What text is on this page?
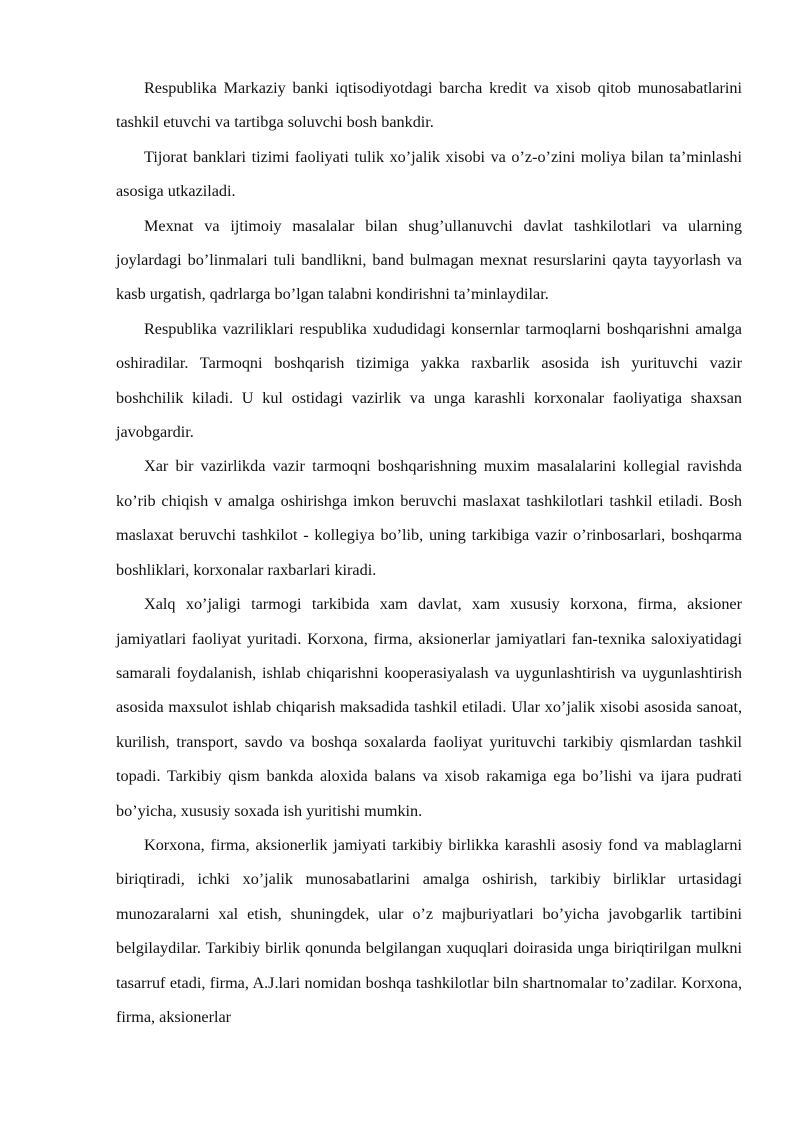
Respublika Markaziy banki iqtisodiyotdagi barcha kredit va xisob qitob munosabatlarini tashkil etuvchi va tartibga soluvchi bosh bankdir.

Tijorat banklari tizimi faoliyati tulik xo’jalik xisobi va o’z-o’zini moliya bilan ta’minlashi asosiga utkaziladi.

Mexnat va ijtimoiy masalalar bilan shug’ullanuvchi davlat tashkilotlari va ularning joylardagi bo’linmalari tuli bandlikni, band bulmagan mexnat resurslarini qayta tayyorlash va kasb urgatish, qadrlarga bo’lgan talabni kondirishni ta’minlaydilar.

Respublika vazriliklari respublika xududidagi konsernlar tarmoqlarni boshqarishni amalga oshiradilar. Tarmoqni boshqarish tizimiga yakka raxbarlik asosida ish yurituvchi vazir boshchilik kiladi. U kul ostidagi vazirlik va unga karashli korxonalar faoliyatiga shaxsan javobgardir.

Xar bir vazirlikda vazir tarmoqni boshqarishning muxim masalalarini kollegial ravishda ko’rib chiqish v amalga oshirishga imkon beruvchi maslaxat tashkilotlari tashkil etiladi. Bosh maslaxat beruvchi tashkilot - kollegiya bo’lib, uning tarkibiga vazir o’rinbosarlari, boshqarma boshliklari, korxonalar raxbarlari kiradi.

Xalq xo’jaligi tarmogi tarkibida xam davlat, xam xususiy korxona, firma, aksioner jamiyatlari faoliyat yuritadi. Korxona, firma, aksionerlar jamiyatlari fan-texnika saloxiyatidagi samarali foydalanish, ishlab chiqarishni kooperasiyalash va uygunlashtirish va uygunlashtirish asosida maxsulot ishlab chiqarish maksadida tashkil etiladi. Ular xo’jalik xisobi asosida sanoat, kurilish, transport, savdo va boshqa soxalarda faoliyat yurituvchi tarkibiy qismlardan tashkil topadi. Tarkibiy qism bankda aloxida balans va xisob rakamiga ega bo’lishi va ijara pudrati bo’yicha, xususiy soxada ish yuritishi mumkin.

Korxona, firma, aksionerlik jamiyati tarkibiy birlikka karashli asosiy fond va mablaglarni biriqtiradi, ichki xo’jalik munosabatlarini amalga oshirish, tarkibiy birliklar urtasidagi munozaralarni xal etish, shuningdek, ular o’z majburiyatlari bo’yicha javobgarlik tartibini belgilaydilar. Tarkibiy birlik qonunda belgilangan xuquqlari doirasida unga biriqtirilgan mulkni tasarruf etadi, firma, A.J.lari nomidan boshqa tashkilotlar biln shartnomalar to’zadilar. Korxona, firma, aksionerlar
